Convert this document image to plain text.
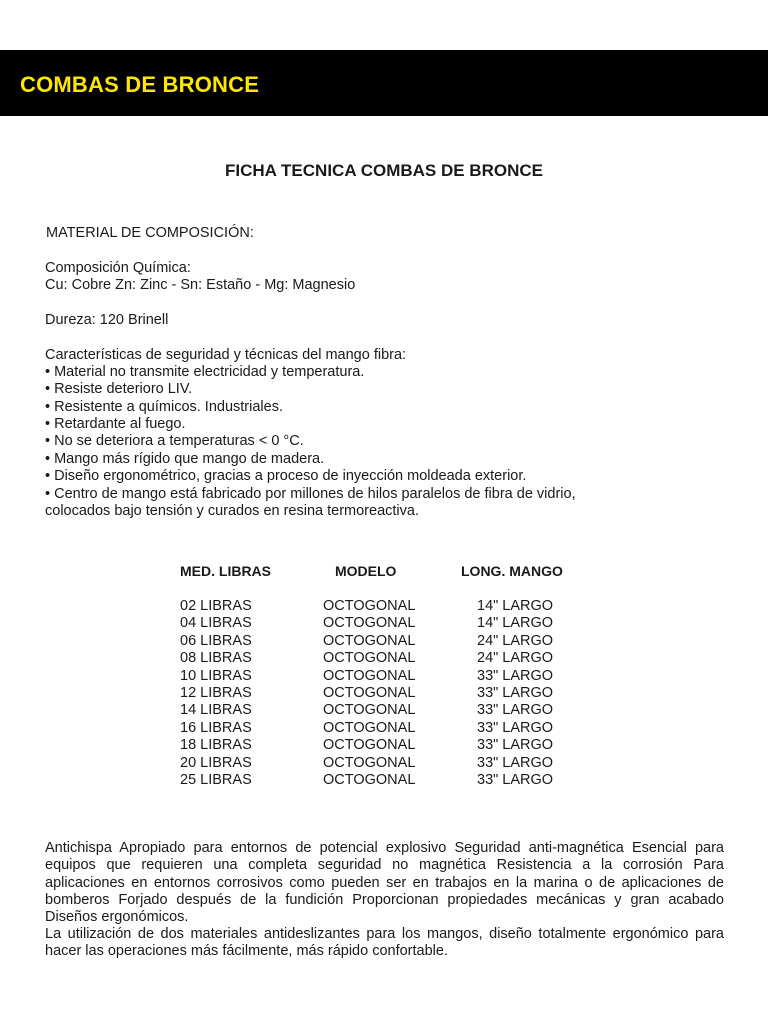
COMBAS DE BRONCE
FICHA TECNICA COMBAS DE BRONCE
MATERIAL DE COMPOSICIÓN:
Composición Química:
Cu: Cobre Zn: Zinc - Sn: Estaño - Mg: Magnesio
Dureza: 120 Brinell
Características de seguridad y técnicas del mango fibra:
• Material no transmite electricidad y temperatura.
• Resiste deterioro LIV.
• Resistente a químicos. Industriales.
• Retardante al fuego.
• No se deteriora a temperaturas < 0 °C.
• Mango más rígido que mango de madera.
• Diseño ergonométrico, gracias a proceso de inyección moldeada exterior.
• Centro de mango está fabricado por millones de hilos paralelos de fibra de vidrio,
colocados bajo tensión y curados en resina termoreactiva.
MED. LIBRAS	MODELO	LONG. MANGO
02 LIBRAS	OCTOGONAL	14" LARGO
04 LIBRAS	OCTOGONAL	14" LARGO
06 LIBRAS	OCTOGONAL	24" LARGO
08 LIBRAS	OCTOGONAL	24" LARGO
10 LIBRAS	OCTOGONAL	33" LARGO
12 LIBRAS	OCTOGONAL	33" LARGO
14 LIBRAS	OCTOGONAL	33" LARGO
16 LIBRAS	OCTOGONAL	33" LARGO
18 LIBRAS	OCTOGONAL	33" LARGO
20 LIBRAS	OCTOGONAL	33" LARGO
25 LIBRAS	OCTOGONAL	33" LARGO

Antichispa Apropiado para entornos de potencial explosivo Seguridad anti-magnética Esencial para equipos que requieren una completa seguridad no magnética Resistencia a la corrosión Para aplicaciones en entornos corrosivos como pueden ser en trabajos en la marina o de aplicaciones de bomberos Forjado después de la fundición Proporcionan propiedades mecánicas y gran acabado Diseños ergonómicos.

La utilización de dos materiales antideslizantes para los mangos, diseño totalmente ergonómico para hacer las operaciones más fácilmente, más rápido confortable.
